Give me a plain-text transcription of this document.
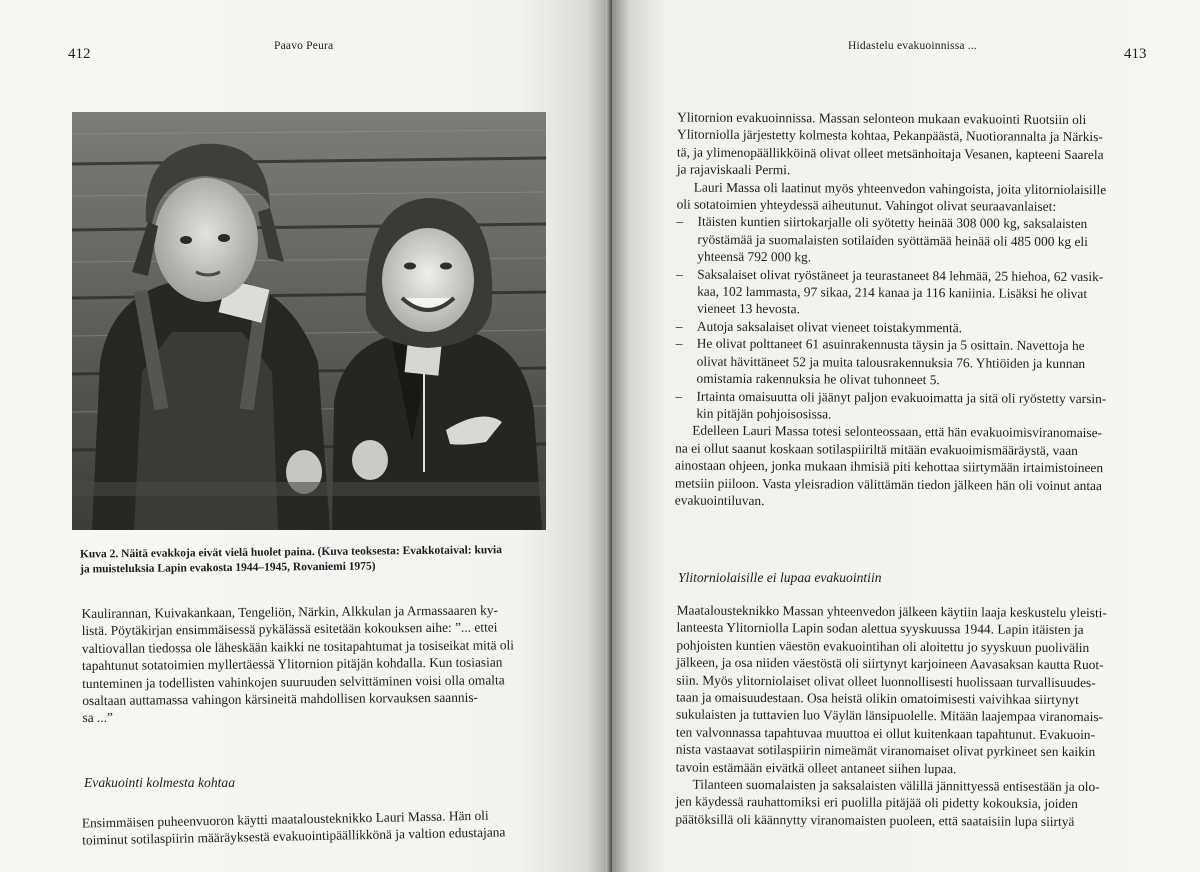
412	Paavo Peura
Kuva 2. Näitä evakkoja eivät vielä huolet paina. (Kuva teoksesta: Evakkotaival: kuvia
ja muisteluksia Lapin evakosta 1944–1945, Rovaniemi 1975)
Kaulirannan, Kuivakankaan, Tengeliön, Närkin, Alkkulan ja Armassaaren ky-
listä. Pöytäkirjan ensimmäisessä pykälässä esitetään kokouksen aihe: ”... ettei
valtiovallan tiedossa ole läheskään kaikki ne tositapahtumat ja tosiseikat mitä oli
tapahtunut sotatoimien myllertäessä Ylitornion pitäjän kohdalla. Kun tosiasian
tunteminen ja todellisten vahinkojen suuruuden selvittäminen voisi olla omalta
osaltaan auttamassa vahingon kärsineitä mahdollisen korvauksen saannis-
sa ...”
Evakuointi kolmesta kohtaa
Ensimmäisen puheenvuoron käytti maatalousteknikko Lauri Massa. Hän oli
toiminut sotilaspiirin määräyksestä evakuointipäällikkönä ja valtion edustajana
Hidastelu evakuoinnissa ...	413
Ylitornion evakuoinnissa. Massan selonteon mukaan evakuointi Ruotsiin oli
Ylitorniolla järjestetty kolmesta kohtaa, Pekanpäästä, Nuotiorannalta ja Närkis-
tä, ja ylimenopäällikköinä olivat olleet metsänhoitaja Vesanen, kapteeni Saarela
ja rajaviskaali Permi.
Lauri Massa oli laatinut myös yhteenvedon vahingoista, joita ylitorniolaisille
oli sotatoimien yhteydessä aiheutunut. Vahingot olivat seuraavanlaiset:
– Itäisten kuntien siirtokarjalle oli syötetty heinää 308 000 kg, saksalaisten
ryöstämää ja suomalaisten sotilaiden syöttämää heinää oli 485 000 kg eli
yhteensä 792 000 kg.
– Saksalaiset olivat ryöstäneet ja teurastaneet 84 lehmää, 25 hiehoa, 62 vasik-
kaa, 102 lammasta, 97 sikaa, 214 kanaa ja 116 kaniinia. Lisäksi he olivat
vieneet 13 hevosta.
– Autoja saksalaiset olivat vieneet toistakymmentä.
– He olivat polttaneet 61 asuinrakennusta täysin ja 5 osittain. Navettoja he
olivat hävittäneet 52 ja muita talousrakennuksia 76. Yhtiöiden ja kunnan
omistamia rakennuksia he olivat tuhonneet 5.
– Irtainta omaisuutta oli jäänyt paljon evakuoimatta ja sitä oli ryöstetty varsin-
kin pitäjän pohjoisosissa.
Edelleen Lauri Massa totesi selonteossaan, että hän evakuoimisviranomaise-
na ei ollut saanut koskaan sotilaspiiriltä mitään evakuoimismääräystä, vaan
ainostaan ohjeen, jonka mukaan ihmisiä piti kehottaa siirtymään irtaimistoineen
metsiin piiloon. Vasta yleisradion välittämän tiedon jälkeen hän oli voinut antaa
evakuointiluvan.
Ylitorniolaisille ei lupaa evakuointiin
Maatalousteknikko Massan yhteenvedon jälkeen käytiin laaja keskustelu yleisti-
lanteesta Ylitorniolla Lapin sodan alettua syyskuussa 1944. Lapin itäisten ja
pohjoisten kuntien väestön evakuointihan oli aloitettu jo syyskuun puolivälin
jälkeen, ja osa niiden väestöstä oli siirtynyt karjoineen Aavasaksan kautta Ruot-
siin. Myös ylitorniolaiset olivat olleet luonnollisesti huolissaan turvallisuudes-
taan ja omaisuudestaan. Osa heistä olikin omatoimisesti vaivihkaa siirtynyt
sukulaisten ja tuttavien luo Väylän länsipuolelle. Mitään laajempaa viranomais-
ten valvonnassa tapahtuvaa muuttoa ei ollut kuitenkaan tapahtunut. Evakuoin-
nista vastaavat sotilaspiirin nimeämät viranomaiset olivat pyrkineet sen kaikin
tavoin estämään eivätkä olleet antaneet siihen lupaa.
Tilanteen suomalaisten ja saksalaisten välillä jännittyessä entisestään ja olo-
jen käydessä rauhattomiksi eri puolilla pitäjää oli pidetty kokouksia, joiden
päätöksillä oli käännytty viranomaisten puoleen, että saataisiin lupa siirtyä
